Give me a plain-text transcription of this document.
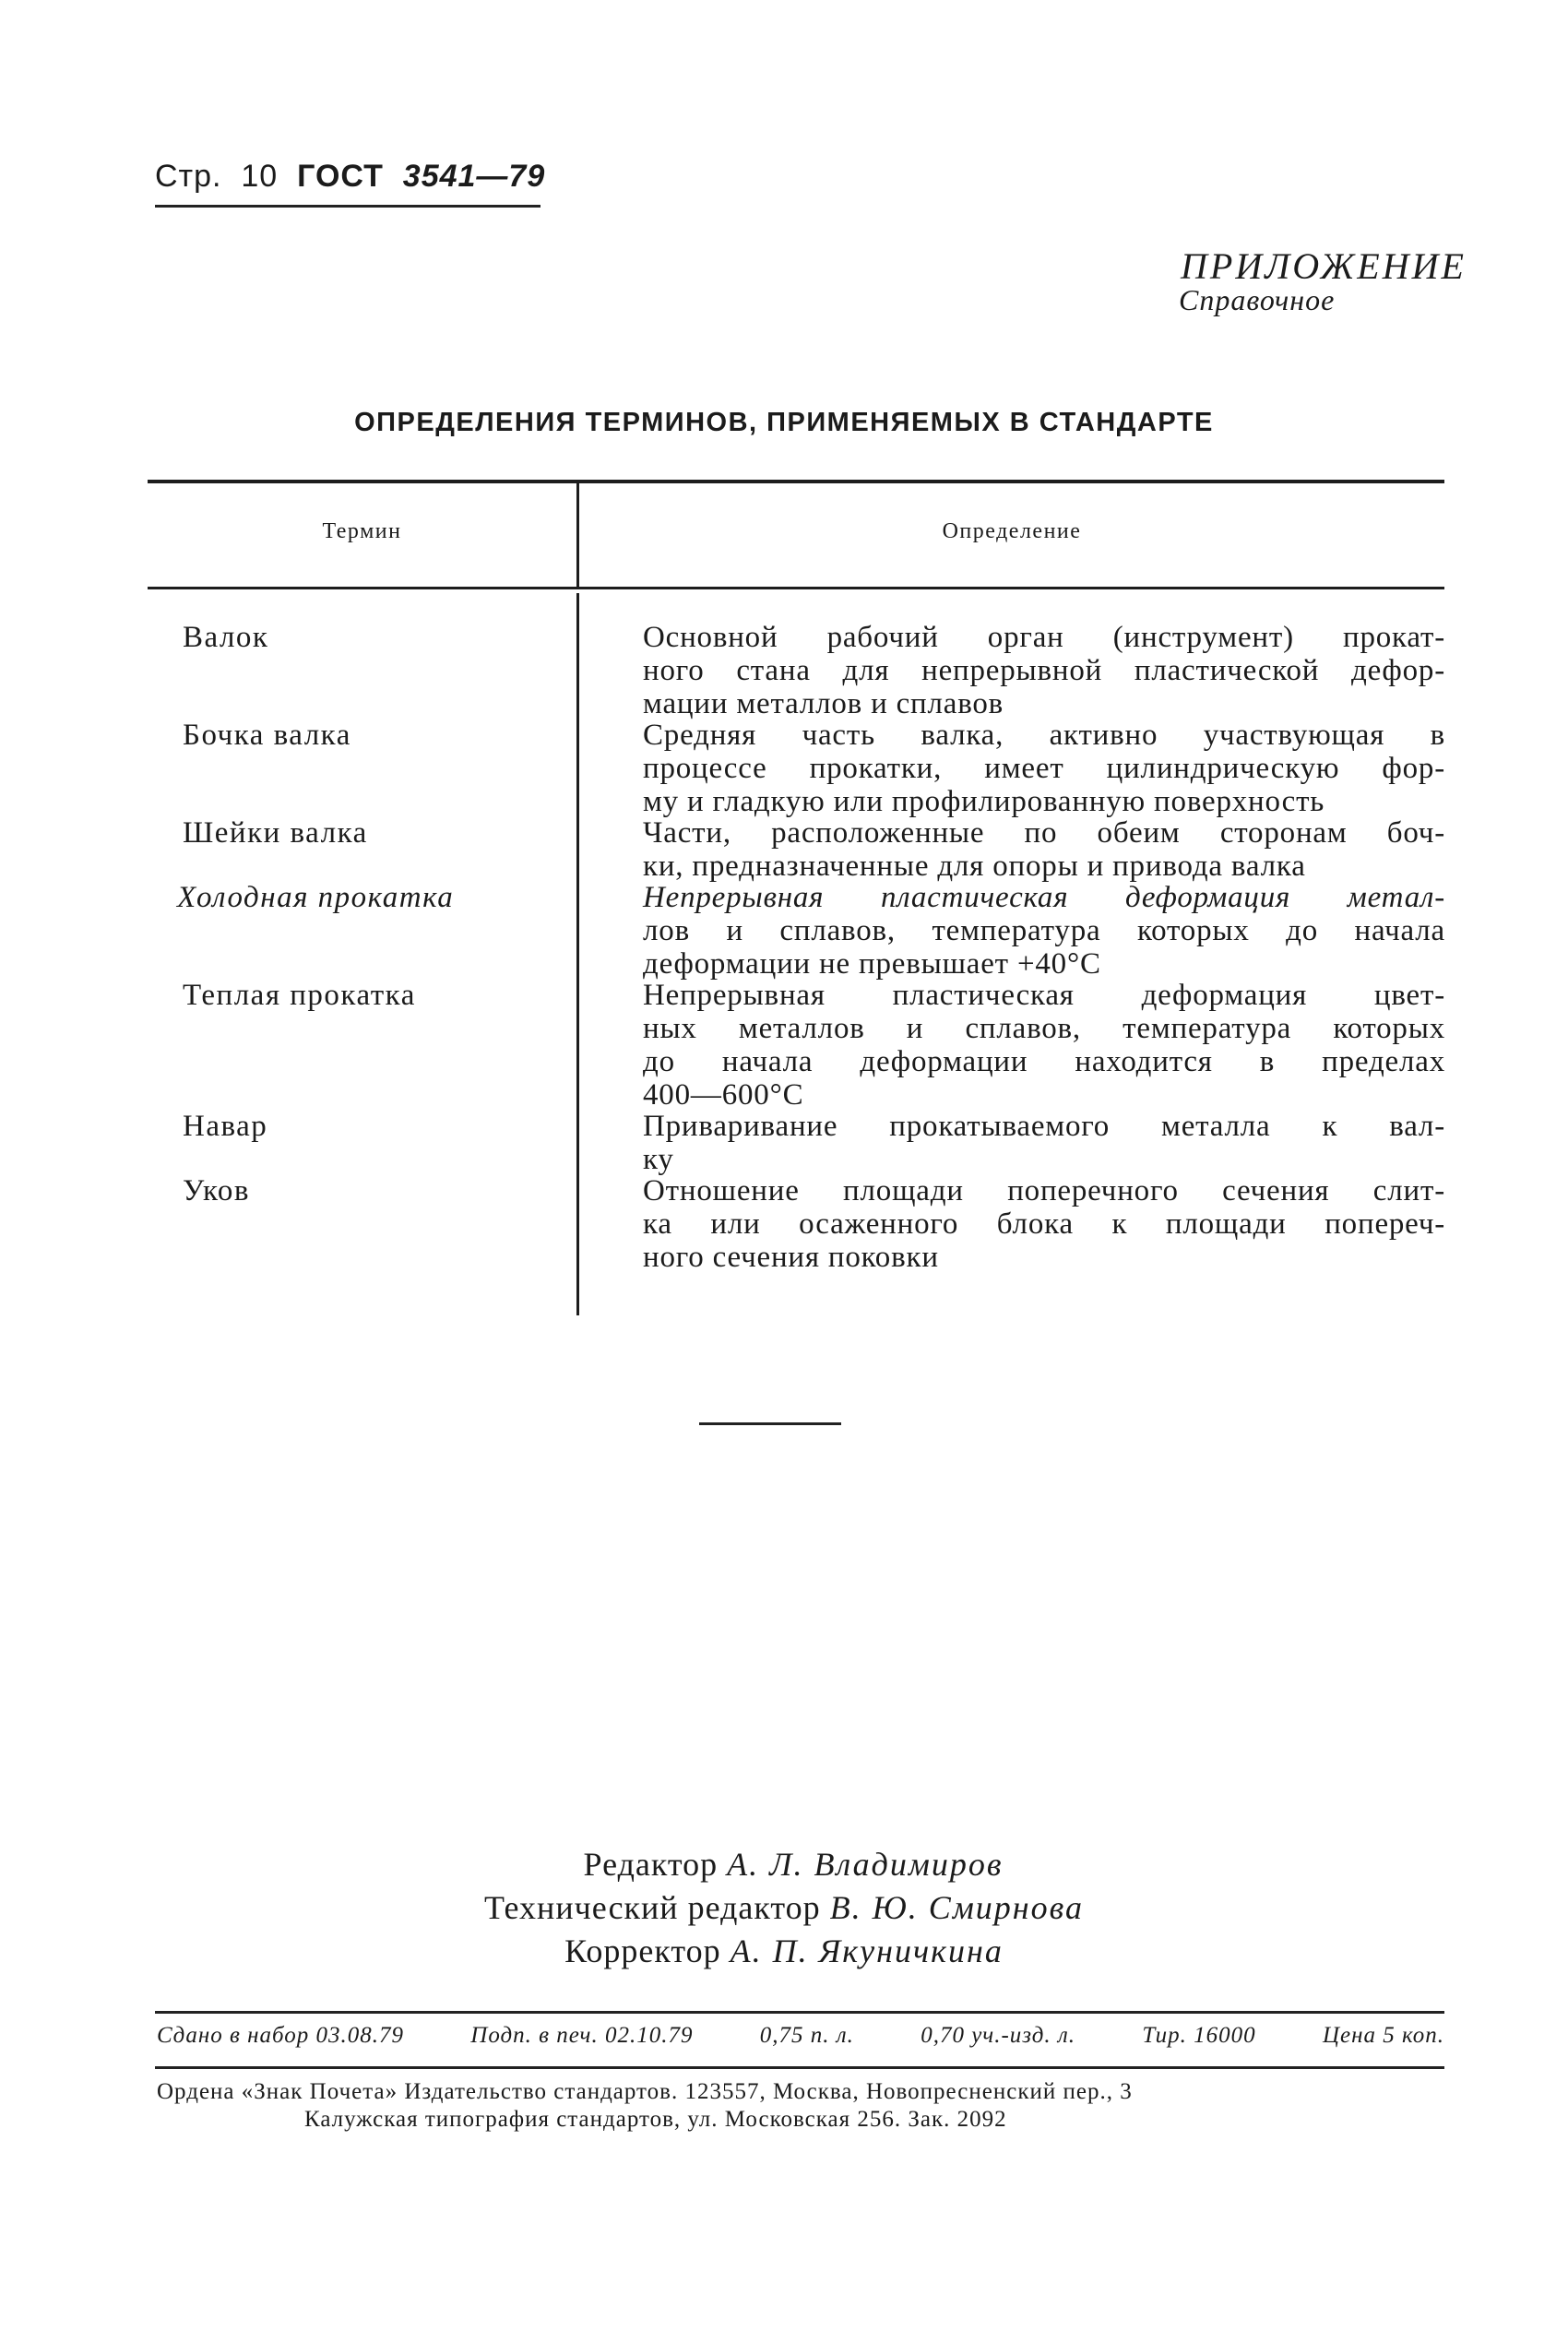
Стр. 10 ГОСТ 3541—79
ПРИЛОЖЕНИЕ
Справочное
ОПРЕДЕЛЕНИЯ ТЕРМИНОВ, ПРИМЕНЯЕМЫХ В СТАНДАРТЕ
Термин	Определение
Валок	Основной рабочий орган (инструмент) прокат-
ного стана для непрерывной пластической дефор-
мации металлов и сплавов
Бочка валка	Средняя часть валка, активно участвующая в
процессе прокатки, имеет цилиндрическую фор-
му и гладкую или профилированную поверхность
Шейки валка	Части, расположенные по обеим сторонам боч-
ки, предназначенные для опоры и привода валка
Холодная прокатка	Непрерывная пластическая деформация метал-
лов и сплавов, температура которых до начала
деформации не превышает +40°С
Теплая прокатка	Непрерывная пластическая деформация цвет-
ных металлов и сплавов, температура которых
до начала деформации находится в пределах
400—600°С
Навар	Приваривание прокатываемого металла к вал-
ку
Уков	Отношение площади поперечного сечения слит-
ка или осаженного блока к площади попереч-
ного сечения поковки
Редактор А. Л. Владимиров
Технический редактор В. Ю. Смирнова
Корректор А. П. Якуничкина
Сдано в набор 03.08.79	Подп. в печ. 02.10.79	0,75 п. л.	0,70 уч.-изд. л.	Тир. 16000	Цена 5 коп.
Ордена «Знак Почета» Издательство стандартов. 123557, Москва, Новопресненский пер., 3
Калужская типография стандартов, ул. Московская 256. Зак. 2092
